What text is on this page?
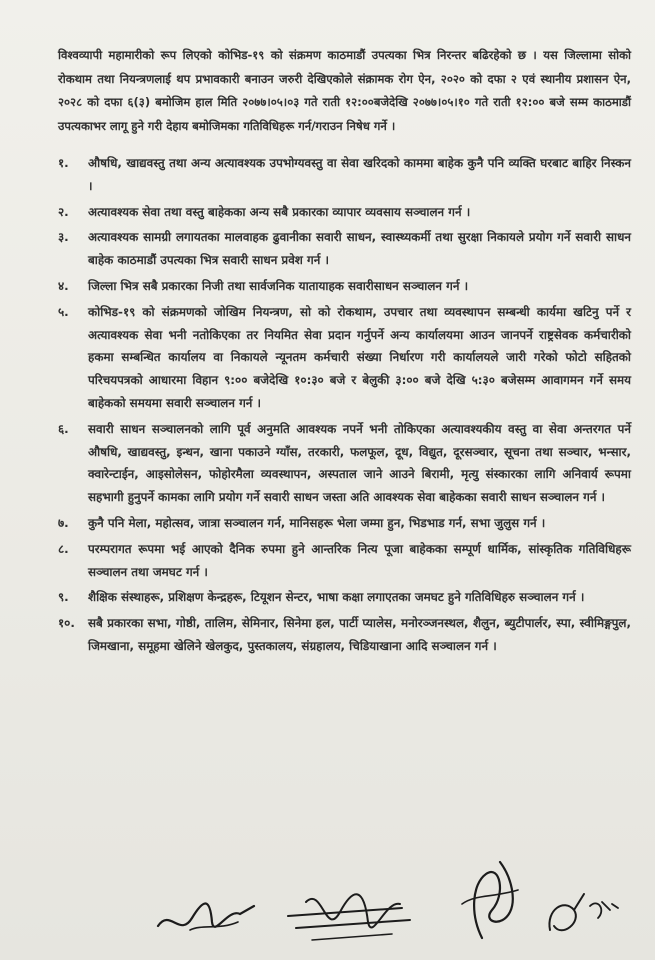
विश्वव्यापी महामारीको रूप लिएको कोभिड-१९ को संक्रमण काठमाडौं उपत्यका भित्र निरन्तर बढिरहेको छ । यस जिल्लामा सोको रोकथाम तथा नियन्त्रणलाई थप प्रभावकारी बनाउन जरुरी देखिएकोले संक्रामक रोग ऐन, २०२० को दफा २ एवं स्थानीय प्रशासन ऐन, २०२८ को दफा ६(३) बमोजिम हाल मिति २०७७।०५।०३ गते राती १२:००बजेदेखि २०७७।०५।१० गते राती १२:०० बजे सम्म काठमाडौं उपत्यकाभर लागू हुने गरी देहाय बमोजिमका गतिविधिहरू गर्न/गराउन निषेध गर्ने ।

१.	औषधि, खाद्यवस्तु तथा अन्य अत्यावश्यक उपभोग्यवस्तु वा सेवा खरिदको काममा बाहेक कुनै पनि व्यक्ति घरबाट बाहिर निस्कन ।
२.	अत्यावश्यक सेवा तथा वस्तु बाहेकका अन्य सबै प्रकारका व्यापार व्यवसाय सञ्चालन गर्न ।
३.	अत्यावश्यक सामग्री लगायतका मालवाहक ढुवानीका सवारी साधन, स्वास्थ्यकर्मी तथा सुरक्षा निकायले प्रयोग गर्ने सवारी साधन बाहेक काठमाडौं उपत्यका भित्र सवारी साधन प्रवेश गर्न ।
४.	जिल्ला भित्र सबै प्रकारका निजी तथा सार्वजनिक यातायाहक सवारीसाधन सञ्चालन गर्न ।
५.	कोभिड-१९ को संक्रमणको जोखिम नियन्त्रण, सो को रोकथाम, उपचार तथा व्यवस्थापन सम्बन्धी कार्यमा खटिनु पर्ने र अत्यावश्यक सेवा भनी नतोकिएका तर नियमित सेवा प्रदान गर्नुपर्ने अन्य कार्यालयमा आउन जानपर्ने राष्ट्रसेवक कर्मचारीको हकमा सम्बन्धित कार्यालय वा निकायले न्यूनतम कर्मचारी संख्या निर्धारण गरी कार्यालयले जारी गरेको फोटो सहितको परिचयपत्रको आधारमा विहान ९:०० बजेदेखि १०:३० बजे र बेलुकी ३:०० बजे देखि ५:३० बजेसम्म आवागमन गर्ने समय बाहेकको समयमा सवारी सञ्चालन गर्न ।
६.	सवारी साधन सञ्चालनको लागि पूर्व अनुमति आवश्यक नपर्ने भनी तोकिएका अत्यावश्यकीय वस्तु वा सेवा अन्तरगत पर्ने औषधि, खाद्यवस्तु, इन्धन, खाना पकाउने ग्याँस, तरकारी, फलफूल, दूध, विद्युत, दूरसञ्चार, सूचना तथा सञ्चार, भन्सार, क्वारेन्टाईन, आइसोलेसन, फोहोरमैला व्यवस्थापन, अस्पताल जाने आउने बिरामी, मृत्यु संस्कारका लागि अनिवार्य रूपमा सहभागी हुनुपर्ने कामका लागि प्रयोग गर्ने सवारी साधन जस्ता अति आवश्यक सेवा बाहेकका सवारी साधन सञ्चालन गर्न ।
७.	कुनै पनि मेला, महोत्सव, जात्रा सञ्चालन गर्न, मानिसहरू भेला जम्मा हुन, भिडभाड गर्न, सभा जुलुस गर्न ।
८.	परम्परागत रूपमा भई आएको दैनिक रुपमा हुने आन्तरिक नित्य पूजा बाहेकका सम्पूर्ण धार्मिक, सांस्कृतिक गतिविधिहरू सञ्चालन तथा जमघट गर्न ।
९.	शैक्षिक संस्थाहरू, प्रशिक्षण केन्द्रहरू, टियूशन सेन्टर, भाषा कक्षा लगाएतका जमघट हुने गतिविधिहरु सञ्चालन गर्न ।
१०.	सबै प्रकारका सभा, गोष्ठी, तालिम, सेमिनार, सिनेमा हल, पार्टी प्यालेस, मनोरञ्जनस्थल, शैलुन, ब्युटीपार्लर, स्पा, स्वीमिङ्गपुल, जिमखाना, समूहमा खेलिने खेलकुद, पुस्तकालय, संग्रहालय, चिडियाखाना आदि सञ्चालन गर्न ।
